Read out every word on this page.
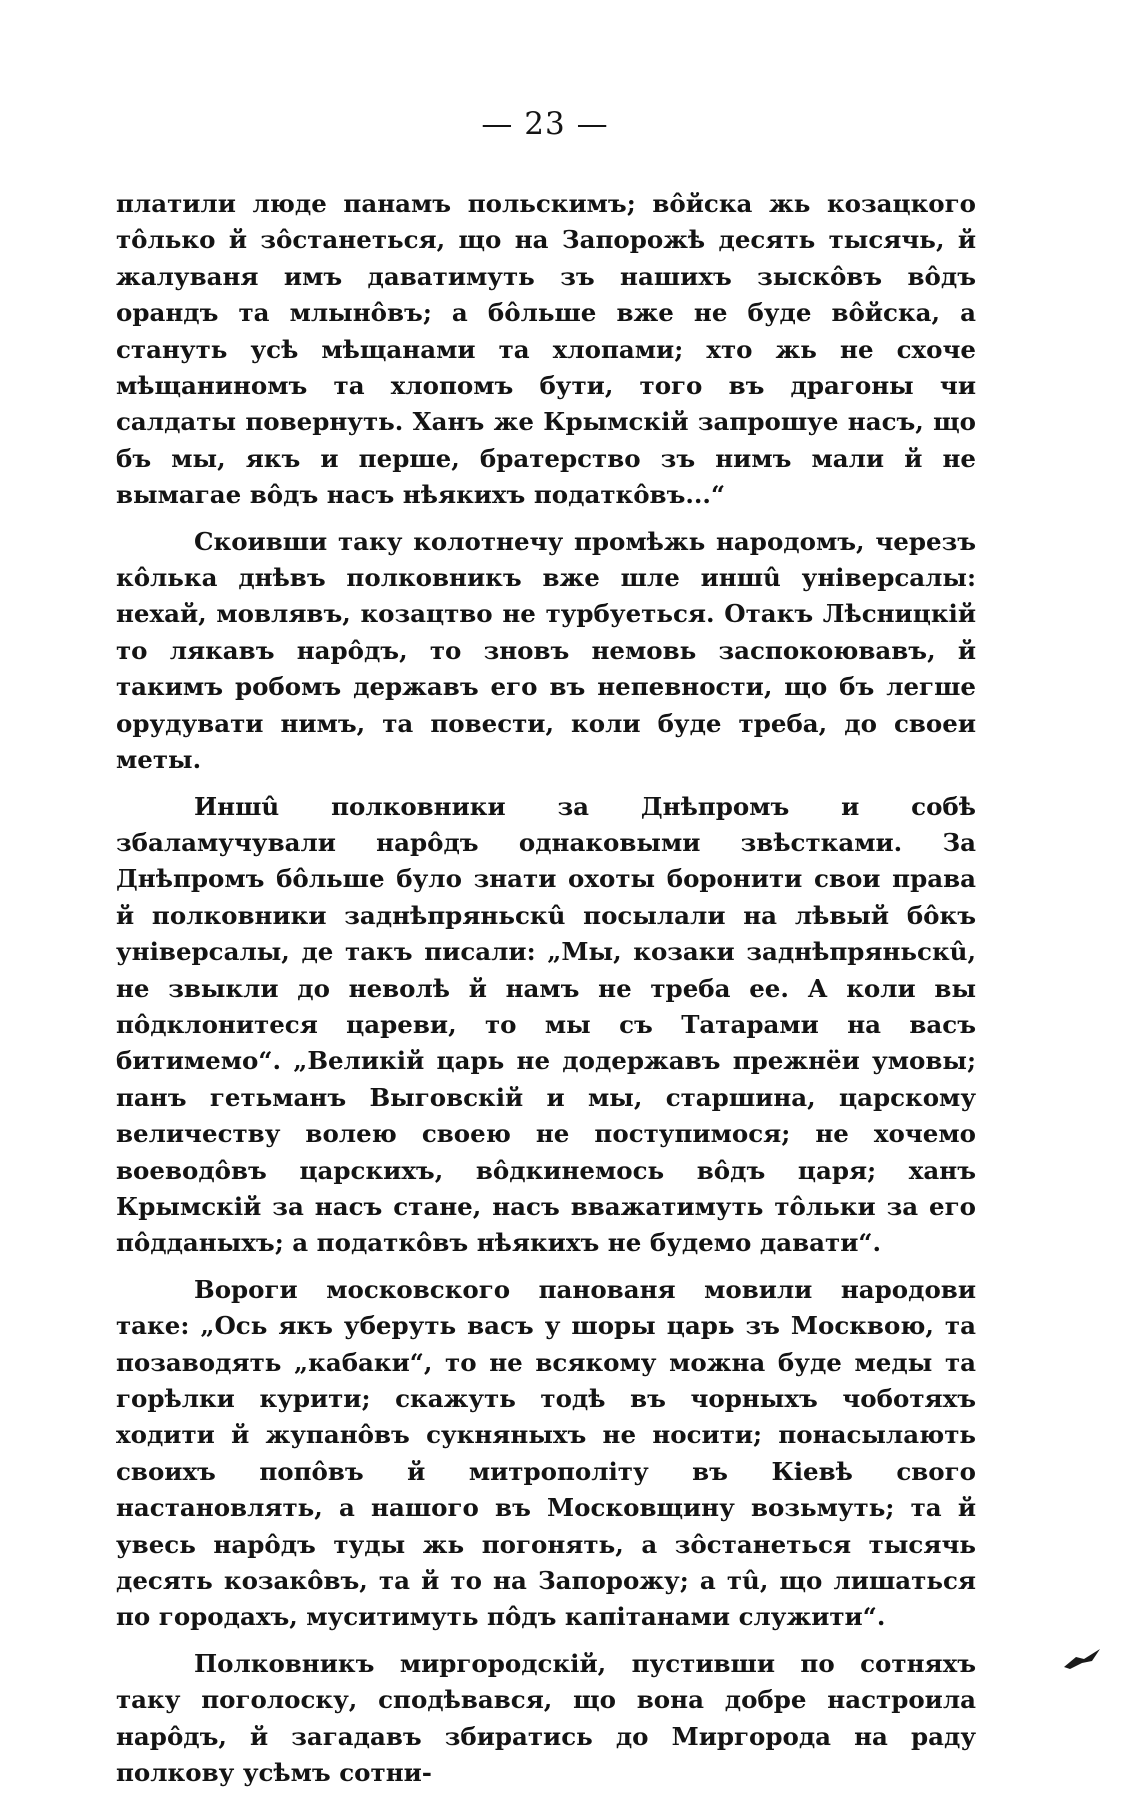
— 23 —

платили люде панамъ польскимъ; вôйска жь козацкого тôлько й зôстанеться, що на Запорожѣ десять тысячь, й жалуваня имъ даватимуть зъ нашихъ зыскôвъ вôдъ орандъ та млынôвъ; а бôльше вже не буде вôйска, а стануть усѣ мѣщанами та хлопами; хто жь не схоче мѣщаниномъ та хлопомъ бути, того въ драгоны чи салдаты повернуть. Ханъ же Крымскій запрошуе насъ, що бъ мы, якъ и перше, братерство зъ нимъ мали й не вымагае вôдъ насъ нѣякихъ податкôвъ...“

Скоивши таку колотнечу промѣжь народомъ, черезъ кôлька днѣвъ полковникъ вже шле иншû унiверсалы: нехай, мовлявъ, козацтво не турбуеться. Отакъ Лѣсницкій то лякавъ нарôдъ, то зновъ немовь заспокоювавъ, й такимъ робомъ державъ его въ непевности, що бъ легше орудувати нимъ, та повести, коли буде треба, до своеи меты.

Иншû полковники за Днѣпромъ и собѣ збаламучували нарôдъ однаковыми звѣстками. За Днѣпромъ бôльше було знати охоты боронити свои права й полковники заднѣпряньскû посылали на лѣвый бôкъ унiверсалы, де такъ писали: „Мы, козаки заднѣпряньскû, не звыкли до неволѣ й намъ не треба ее. А коли вы пôдклонитеся цареви, то мы съ Татарами на васъ битимемо“. „Великій царь не додержавъ прежнёи умовы; панъ гетьманъ Выговскій и мы, старшина, царскому величеству волею своею не поступимося; не хочемо воеводôвъ царскихъ, вôдкинемось вôдъ царя; ханъ Крымскій за насъ стане, насъ вважатимуть тôльки за его пôдданыхъ; а податкôвъ нѣякихъ не будемо давати“.

Вороги московского панованя мовили народови таке: „Ось якъ уберуть васъ у шоры царь зъ Москвою, та позаводять „кабаки“, то не всякому можна буде меды та горѣлки курити; скажуть тодѣ въ чорныхъ чоботяхъ ходити й жупанôвъ сукняныхъ не носити; понасылають своихъ попôвъ й митрополiту въ Кiевѣ свого настановлять, а нашого въ Московщину возьмуть; та й увесь нарôдъ туды жь погонять, а зôстанеться тысячь десять козакôвъ, та й то на Запорожу; а тû, що лишаться по городахъ, муситимуть пôдъ капiтанами служити“.

Полковникъ миргородскій, пустивши по сотняхъ таку поголоску, сподѣвався, що вона добре настроила нарôдъ, й загадавъ збиратись до Миргорода на раду полкову усѣмъ сотни-
